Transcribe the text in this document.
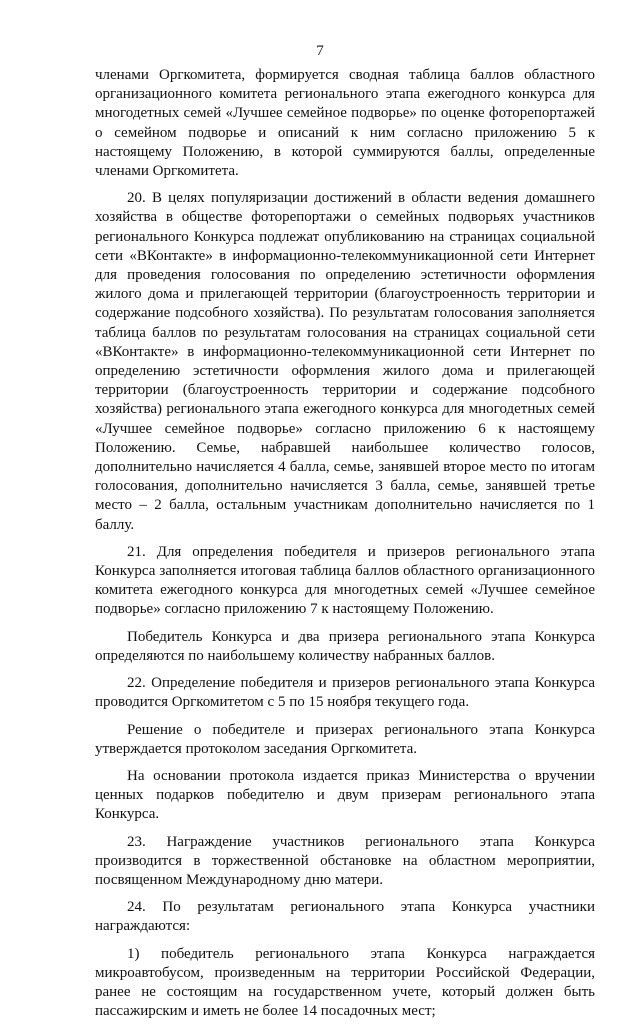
7

членами Оргкомитета, формируется сводная таблица баллов областного организационного комитета регионального этапа ежегодного конкурса для многодетных семей «Лучшее семейное подворье» по оценке фоторепортажей о семейном подворье и описаний к ним согласно приложению 5 к настоящему Положению, в которой суммируются баллы, определенные членами Оргкомитета.

20. В целях популяризации достижений в области ведения домашнего хозяйства в обществе фоторепортажи о семейных подворьях участников регионального Конкурса подлежат опубликованию на страницах социальной сети «ВКонтакте» в информационно-телекоммуникационной сети Интернет для проведения голосования по определению эстетичности оформления жилого дома и прилегающей территории (благоустроенность территории и содержание подсобного хозяйства). По результатам голосования заполняется таблица баллов по результатам голосования на страницах социальной сети «ВКонтакте» в информационно-телекоммуникационной сети Интернет по определению эстетичности оформления жилого дома и прилегающей территории (благоустроенность территории и содержание подсобного хозяйства) регионального этапа ежегодного конкурса для многодетных семей «Лучшее семейное подворье» согласно приложению 6 к настоящему Положению. Семье, набравшей наибольшее количество голосов, дополнительно начисляется 4 балла, семье, занявшей второе место по итогам голосования, дополнительно начисляется 3 балла, семье, занявшей третье место – 2 балла, остальным участникам дополнительно начисляется по 1 баллу.

21. Для определения победителя и призеров регионального этапа Конкурса заполняется итоговая таблица баллов областного организационного комитета ежегодного конкурса для многодетных семей «Лучшее семейное подворье» согласно приложению 7 к настоящему Положению.

Победитель Конкурса и два призера регионального этапа Конкурса определяются по наибольшему количеству набранных баллов.

22. Определение победителя и призеров регионального этапа Конкурса проводится Оргкомитетом с 5 по 15 ноября текущего года.

Решение о победителе и призерах регионального этапа Конкурса утверждается протоколом заседания Оргкомитета.

На основании протокола издается приказ Министерства о вручении ценных подарков победителю и двум призерам регионального этапа Конкурса.

23. Награждение участников регионального этапа Конкурса производится в торжественной обстановке на областном мероприятии, посвященном Международному дню матери.

24. По результатам регионального этапа Конкурса участники награждаются:

1) победитель регионального этапа Конкурса награждается микроавтобусом, произведенным на территории Российской Федерации, ранее не состоящим на государственном учете, который должен быть пассажирским и иметь не более 14 посадочных мест;
